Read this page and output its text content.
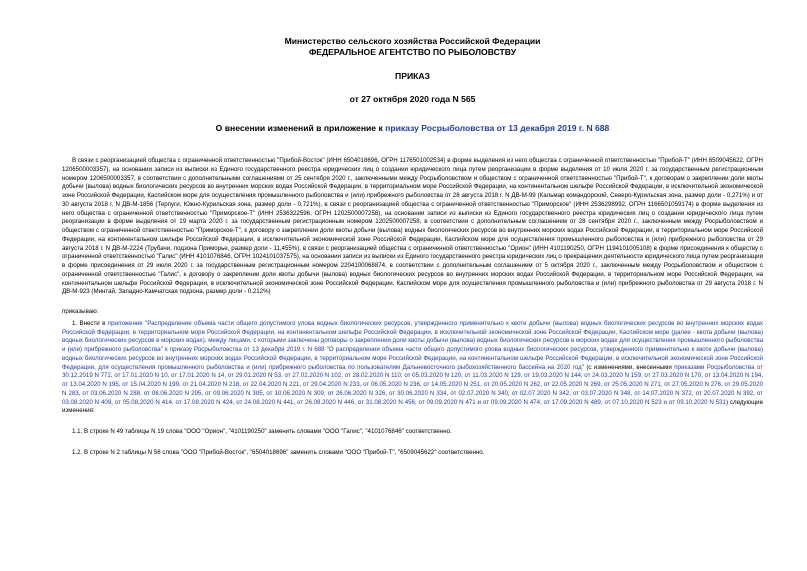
Министерство сельского хозяйства Российской Федерации
ФЕДЕРАЛЬНОЕ АГЕНТСТВО ПО РЫБОЛОВСТВУ
ПРИКАЗ
от 27 октября 2020 года N 565
О внесении изменений в приложение к приказу Росрыболовства от 13 декабря 2019 г. N 688

В связи с реорганизацией общества с ограниченной ответственностью "Прибой-Восток" (ИНН 6504018696, ОГРН 1176501002534) в форме выделения из него общества с ограниченной ответственностью "Прибой-Т" (ИНН 6509045622, ОГРН 1206500003357), на основании записи из выписки из Единого государственного реестра юридических лиц о создании юридического лица путем реорганизации в форме выделения от 10 июля 2020 г. за государственным регистрационным номером 1206500003357, в соответствии с дополнительными соглашениями от 25 сентября 2020 г., заключенными между Росрыболовством и обществом с ограниченной ответственностью "Прибой-Т", к договорам о закреплении доли квоты добычи (вылова) водных биологических ресурсов во внутренних морских водах Российской Федерации, в территориальном море Российской Федерации, на континентальном шельфе Российской Федерации, в исключительной экономической зоне Российской Федерации, Каспийском море для осуществления промышленного рыболовства и (или) прибрежного рыболовства от 28 августа 2018 г. N ДВ-М-99 (Кальмар командорский, Северо-Курильская зона, размер доли - 0,271%) и от 30 августа 2018 г. N ДВ-М-1856 (Терпуги, Южно-Курильская зона, размер доли - 0,721%), в связи с реорганизацией общества с ограниченной ответственностью "Приморское" (ИНН 2536298992, ОГРН 1166501059174) в форме выделения из него общества с ограниченной ответственностью "Приморское-Т" (ИНН 2536322596, ОГРН 1202500007258), на основании записи из выписки из Единого государственного реестра юридических лиц о создании юридического лица путем реорганизации в форме выделения от 19 марта 2020 г. за государственным регистрационным номером 1202500007258, в соответствии с дополнительным соглашением от 28 сентября 2020 г., заключенным между Росрыболовством и обществом с ограниченной ответственностью "Приморское-Т", к договору о закреплении доли квоты добычи (вылова) водных биологических ресурсов во внутренних морских водах Российской Федерации, в территориальном море Российской Федерации, на континентальном шельфе Российской Федерации, в исключительной экономической зоне Российской Федерации, Каспийском море для осуществления промышленного рыболовства и (или) прибрежного рыболовства от 29 августа 2018 г. N ДВ-М-2224 (Трубачи, подзона Приморье, размер доли - 11,455%), в связи с реорганизацией общества с ограниченной ответственностью "Орион" (ИНН 4101190250, ОГРН 1194101005108) в форме присоединения к обществу с ограниченной ответственностью "Галис" (ИНН 4101076846, ОГРН 1024101037575), на основании записи из выписки из Единого государственного реестра юридических лиц о прекращении деятельности юридического лица путем реорганизации в форме присоединения от 29 июля 2020 г. за государственным регистрационным номером 2204100068874, в соответствии с дополнительным соглашением от 5 октября 2020 г., заключенным между Росрыболовством и обществом с ограниченной ответственностью "Галис", к договору о закреплении доли квоты добычи (вылова) водных биологических ресурсов во внутренних морских водах Российской Федерации, в территориальном море Российской Федерации, на континентальном шельфе Российской Федерации, в исключительной экономической зоне Российской Федерации, Каспийском море для осуществления промышленного рыболовства и (или) прибрежного рыболовства от 29 августа 2018 г. N ДВ-М-923 (Минтай, Западно-Камчатская подзона, размер доли - 0,212%)

приказываю:

1. Внести в приложение "Распределение объема части общего допустимого улова водных биологических ресурсов, утвержденного применительно к квоте добычи (вылова) водных биологических ресурсов во внутренних морских водах Российской Федерации, в территориальном море Российской Федерации, на континентальном шельфе Российской Федерации, в исключительной экономической зоне Российской Федерации, Каспийском море (далее - квота добычи (вылова) водных биологических ресурсов в морских водах), между лицами, с которыми заключены договоры о закреплении доли квоты добычи (вылова) водных биологических ресурсов в морских водах для осуществления промышленного рыболовства и (или) прибрежного рыболовства" к приказу Росрыболовства от 13 декабря 2019 г. N 688 "О распределении объема части общего допустимого улова водных биологических ресурсов, утвержденного применительно к квоте добычи (вылова) водных биологических ресурсов во внутренних морских водах Российской Федерации, в территориальном море Российской Федерации, на континентальном шельфе Российской Федерации, в исключительной экономической зоне Российской Федерации, для осуществления промышленного рыболовства и (или) прибрежного рыболовства по пользователям Дальневосточного рыбохозяйственного бассейна на 2020 год" (с изменениями, внесенными приказами Росрыболовства от 30.12.2019 N 772, от 17.01.2020 N 10, от 17.01.2020 N 14, от 29.01.2020 N 53, от 27.02.2020 N 102, от 28.02.2020 N 110, от 05.03.2020 N 120, от 11.03.2020 N 129, от 19.03.2020 N 144, от 24.03.2020 N 159, от 27.03.2020 N 170, от 13.04.2020 N 194, от 13.04.2020 N 195, от 15.04.2020 N 199, от 21.04.2020 N 218, от 22.04.2020 N 221, от 29.04.2020 N 233, от 06.05.2020 N 236, от 14.05.2020 N 251, от 20.05.2020 N 262, от 22.05.2020 N 269, от 25.05.2020 N 271, от 27.05.2020 N 276, от 29.05.2020 N 283, от 03.06.2020 N 288, от 08.06.2020 N 295, от 09.06.2020 N 305, от 10.06.2020 N 309, от 26.06.2020 N 326, от 30.06.2020 N 334, от 02.07.2020 N 340, от 02.07.2020 N 342, от 03.07.2020 N 348, от 14.07.2020 N 372, от 20.07.2020 N 392, от 03.08.2020 N 409, от 05.08.2020 N 414, от 17.08.2020 N 424, от 24.08.2020 N 441, от 26.08.2020 N 446, от 31.08.2020 N 456, от 09.09.2020 N 471 и от 09.09.2020 N 474, от 17.09.2020 N 489, от 07.10.2020 N 523 и от 09.10.2020 N 531) следующие изменения:

1.1. В строке N 49 таблицы N 19 слова "ООО "Орион", "4101190250" заменить словами "ООО "Галис", "4101076846" соответственно.

1.2. В строке N 2 таблицы N 56 слова "ООО "Прибой-Восток", "6504018696" заменить словами "ООО "Прибой-Т", "6509045622" соответственно.
